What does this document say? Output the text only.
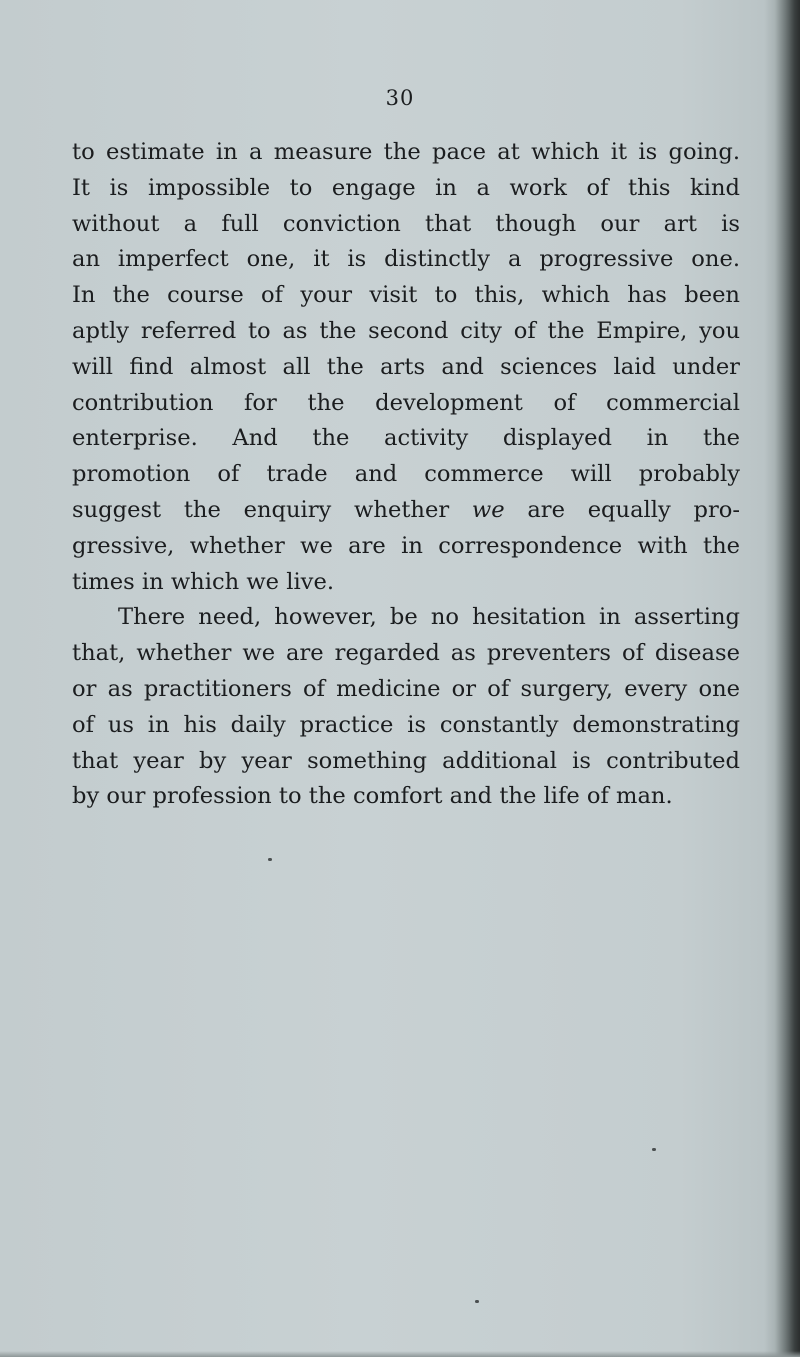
30
to estimate in a measure the pace at which it is going.
It is impossible to engage in a work of this kind
without a full conviction that though our art is
an imperfect one, it is distinctly a progressive one.
In the course of your visit to this, which has been
aptly referred to as the second city of the Empire, you
will find almost all the arts and sciences laid under
contribution for the development of commercial
enterprise. And the activity displayed in the
promotion of trade and commerce will probably
suggest the enquiry whether we are equally pro-
gressive, whether we are in correspondence with the
times in which we live.
There need, however, be no hesitation in asserting
that, whether we are regarded as preventers of disease
or as practitioners of medicine or of surgery, every one
of us in his daily practice is constantly demonstrating
that year by year something additional is contributed
by our profession to the comfort and the life of man.
